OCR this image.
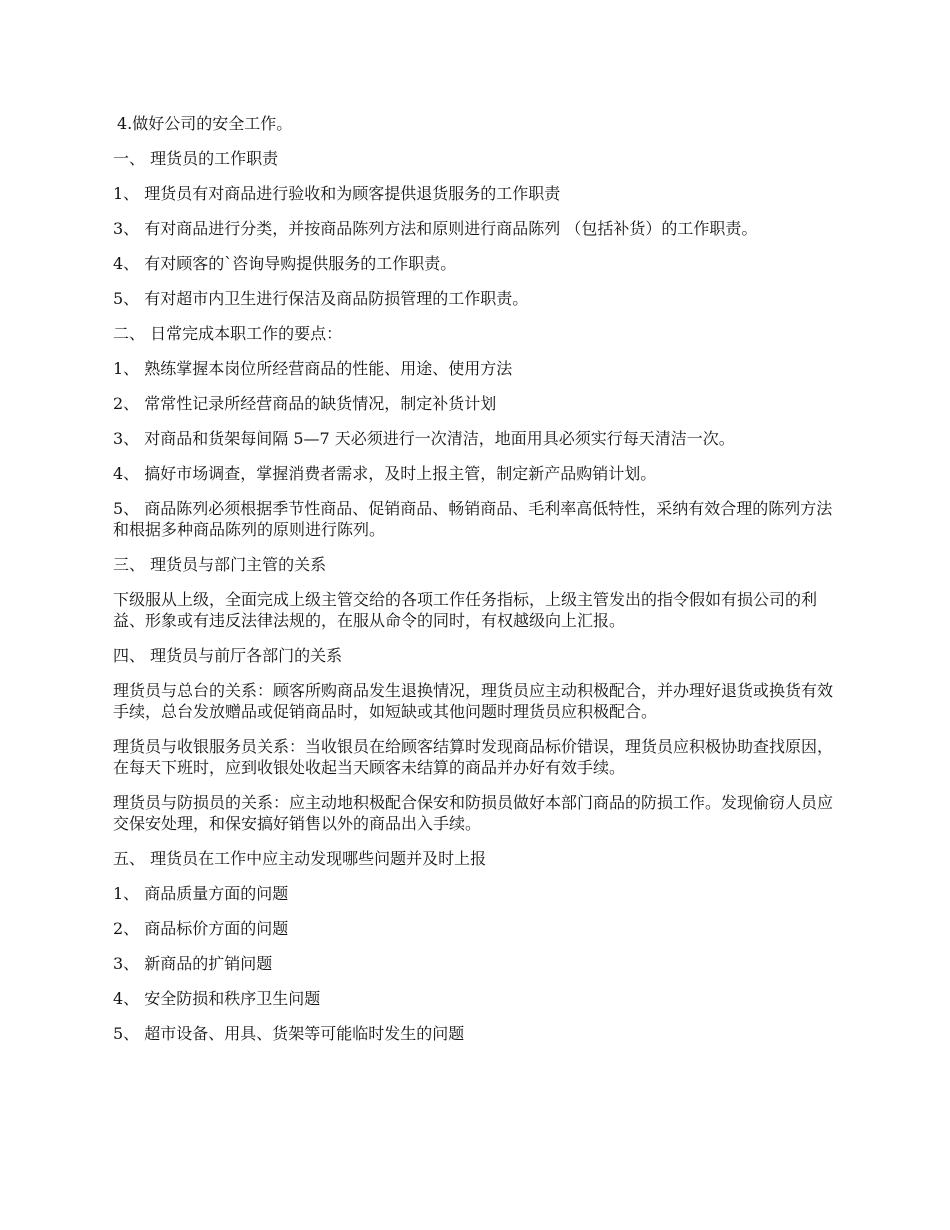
4.做好公司的安全工作。

一、 理货员的工作职责

1、 理货员有对商品进行验收和为顾客提供退货服务的工作职责

3、 有对商品进行分类，并按商品陈列方法和原则进行商品陈列 （包括补货）的工作职责。

4、 有对顾客的`咨询导购提供服务的工作职责。

5、 有对超市内卫生进行保洁及商品防损管理的工作职责。

二、 日常完成本职工作的要点：

1、 熟练掌握本岗位所经营商品的性能、用途、使用方法

2、 常常性记录所经营商品的缺货情况，制定补货计划

3、 对商品和货架每间隔 5—7 天必须进行一次清洁，地面用具必须实行每天清洁一次。

4、 搞好市场调查，掌握消费者需求，及时上报主管，制定新产品购销计划。

5、 商品陈列必须根据季节性商品、促销商品、畅销商品、毛利率高低特性，采纳有效合理的陈列方法和根据多种商品陈列的原则进行陈列。

三、 理货员与部门主管的关系

下级服从上级，全面完成上级主管交给的各项工作任务指标，上级主管发出的指令假如有损公司的利益、形象或有违反法律法规的，在服从命令的同时，有权越级向上汇报。

四、 理货员与前厅各部门的关系

理货员与总台的关系：顾客所购商品发生退换情况，理货员应主动积极配合，并办理好退货或换货有效手续，总台发放赠品或促销商品时，如短缺或其他问题时理货员应积极配合。

理货员与收银服务员关系：当收银员在给顾客结算时发现商品标价错误，理货员应积极协助查找原因，在每天下班时，应到收银处收起当天顾客未结算的商品并办好有效手续。

理货员与防损员的关系：应主动地积极配合保安和防损员做好本部门商品的防损工作。发现偷窃人员应交保安处理，和保安搞好销售以外的商品出入手续。

五、 理货员在工作中应主动发现哪些问题并及时上报

1、 商品质量方面的问题

2、 商品标价方面的问题

3、 新商品的扩销问题

4、 安全防损和秩序卫生问题

5、 超市设备、用具、货架等可能临时发生的问题
